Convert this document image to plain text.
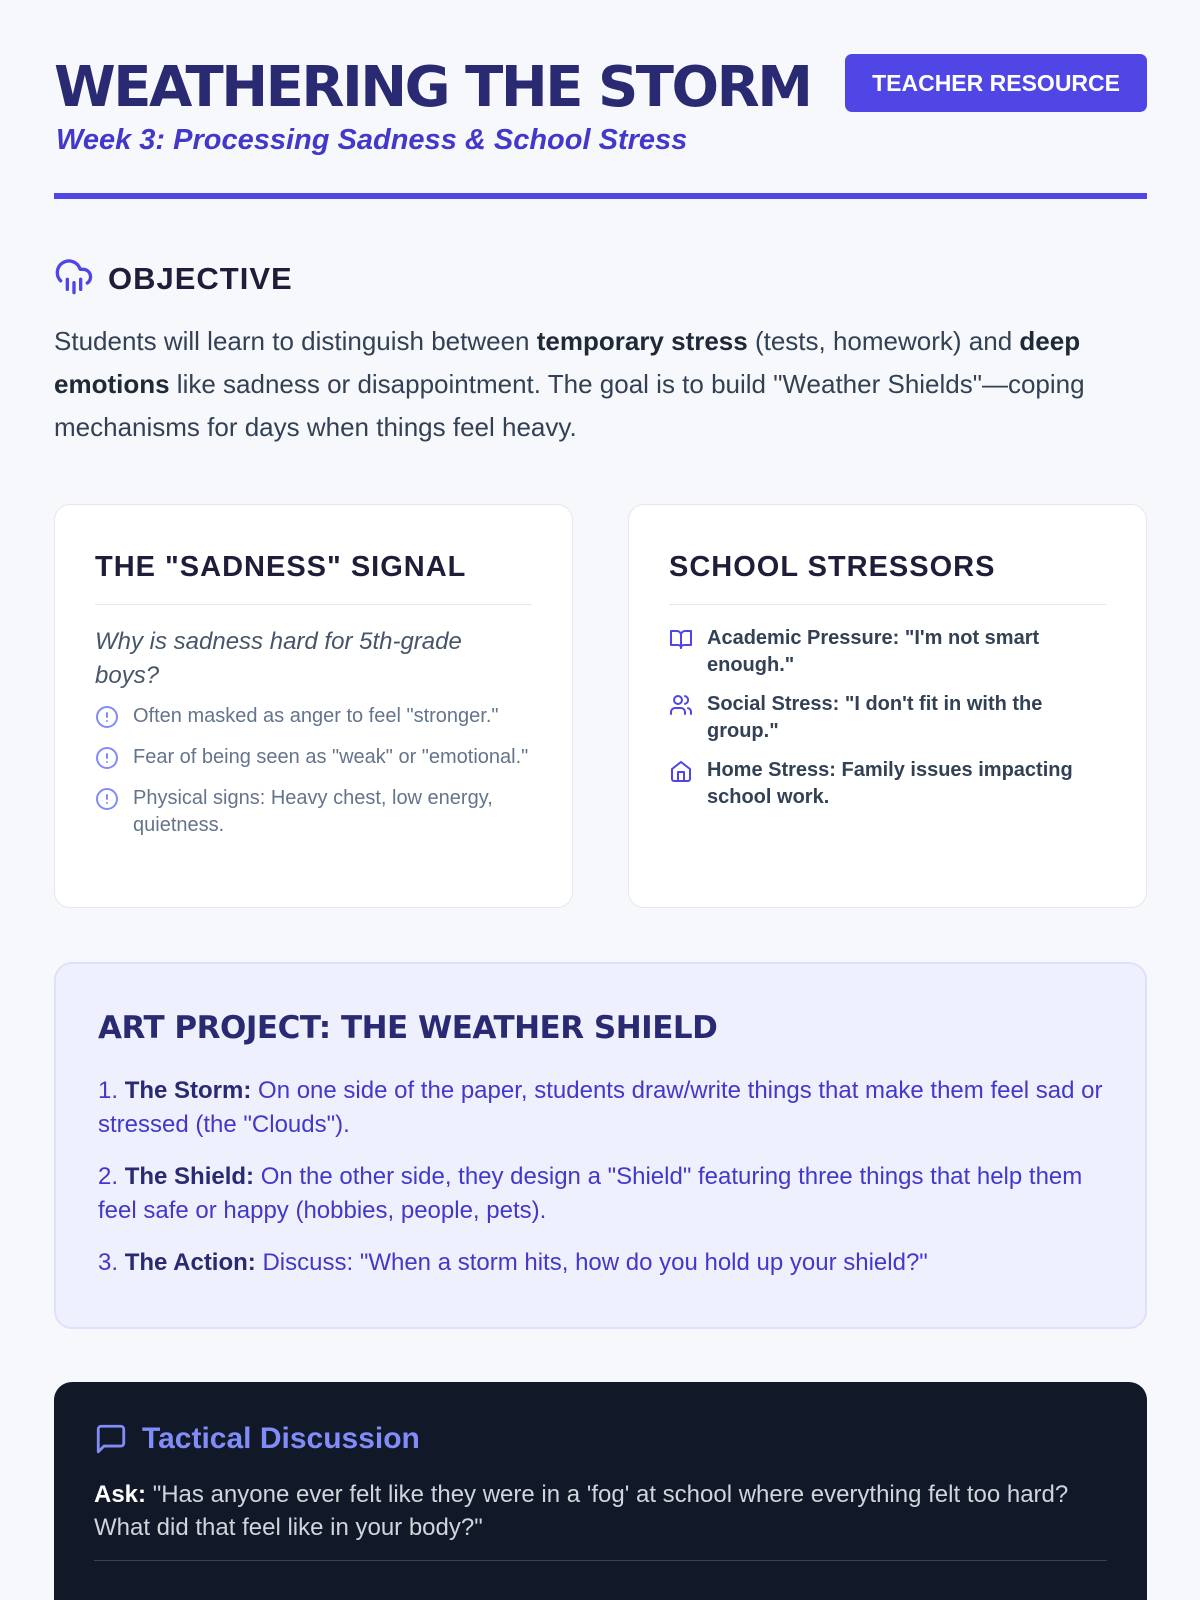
WEATHERING THE STORM	TEACHER RESOURCE
Week 3: Processing Sadness & School Stress
OBJECTIVE

Students will learn to distinguish between temporary stress (tests, homework) and deep emotions like sadness or disappointment. The goal is to build "Weather Shields"—coping mechanisms for days when things feel heavy.

THE "SADNESS" SIGNAL

Why is sadness hard for 5th-grade boys?

Often masked as anger to feel "stronger."
Fear of being seen as "weak" or "emotional."
Physical signs: Heavy chest, low energy, quietness.
SCHOOL STRESSORS
Academic Pressure: "I'm not smart enough."
Social Stress: "I don't fit in with the group."
Home Stress: Family issues impacting school work.
ART PROJECT: THE WEATHER SHIELD
1. The Storm: On one side of the paper, students draw/write things that make them feel sad or stressed (the "Clouds").
2. The Shield: On the other side, they design a "Shield" featuring three things that help them feel safe or happy (hobbies, people, pets).
3. The Action: Discuss: "When a storm hits, how do you hold up your shield?"
Tactical Discussion

Ask: "Has anyone ever felt like they were in a 'fog' at school where everything felt too hard? What did that feel like in your body?"
